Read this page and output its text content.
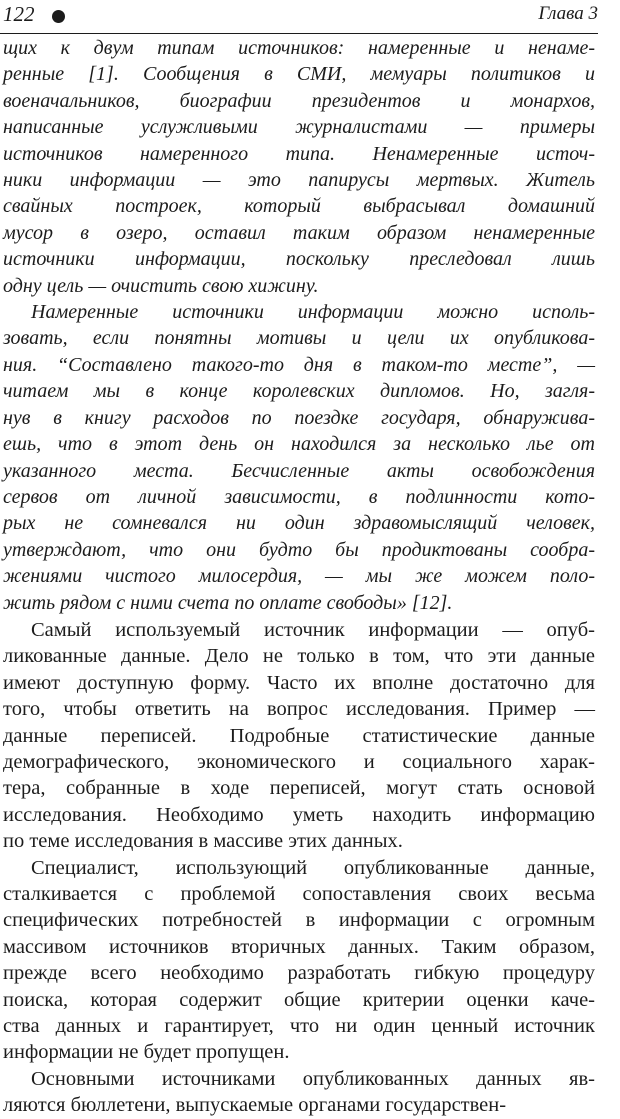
122	Глава 3

щих к двум типам источников: намеренные и ненаме-
ренные [1]. Сообщения в СМИ, мемуары политиков и
военачальников, биографии президентов и монархов,
написанные услужливыми журналистами — примеры
источников намеренного типа. Ненамеренные источ-
ники информации — это папирусы мертвых. Житель
свайных построек, который выбрасывал домашний
мусор в озеро, оставил таким образом ненамеренные
источники информации, поскольку преследовал лишь
одну цель — очистить свою хижину.

Намеренные источники информации можно исполь-
зовать, если понятны мотивы и цели их опубликова-
ния. “Составлено такого-то дня в таком-то месте”, —
читаем мы в конце королевских дипломов. Но, загля-
нув в книгу расходов по поездке государя, обнаружива-
ешь, что в этот день он находился за несколько лье от
указанного места. Бесчисленные акты освобождения
сервов от личной зависимости, в подлинности кото-
рых не сомневался ни один здравомыслящий человек,
утверждают, что они будто бы продиктованы сообра-
жениями чистого милосердия, — мы же можем поло-
жить рядом с ними счета по оплате свободы» [12].

Самый используемый источник информации — опуб-
ликованные данные. Дело не только в том, что эти данные
имеют доступную форму. Часто их вполне достаточно для
того, чтобы ответить на вопрос исследования. Пример —
данные переписей. Подробные статистические данные
демографического, экономического и социального харак-
тера, собранные в ходе переписей, могут стать основой
исследования. Необходимо уметь находить информацию
по теме исследования в массиве этих данных.

Специалист, использующий опубликованные данные,
сталкивается с проблемой сопоставления своих весьма
специфических потребностей в информации с огромным
массивом источников вторичных данных. Таким образом,
прежде всего необходимо разработать гибкую процедуру
поиска, которая содержит общие критерии оценки каче-
ства данных и гарантирует, что ни один ценный источник
информации не будет пропущен.

Основными источниками опубликованных данных яв-
ляются бюллетени, выпускаемые органами государствен-
